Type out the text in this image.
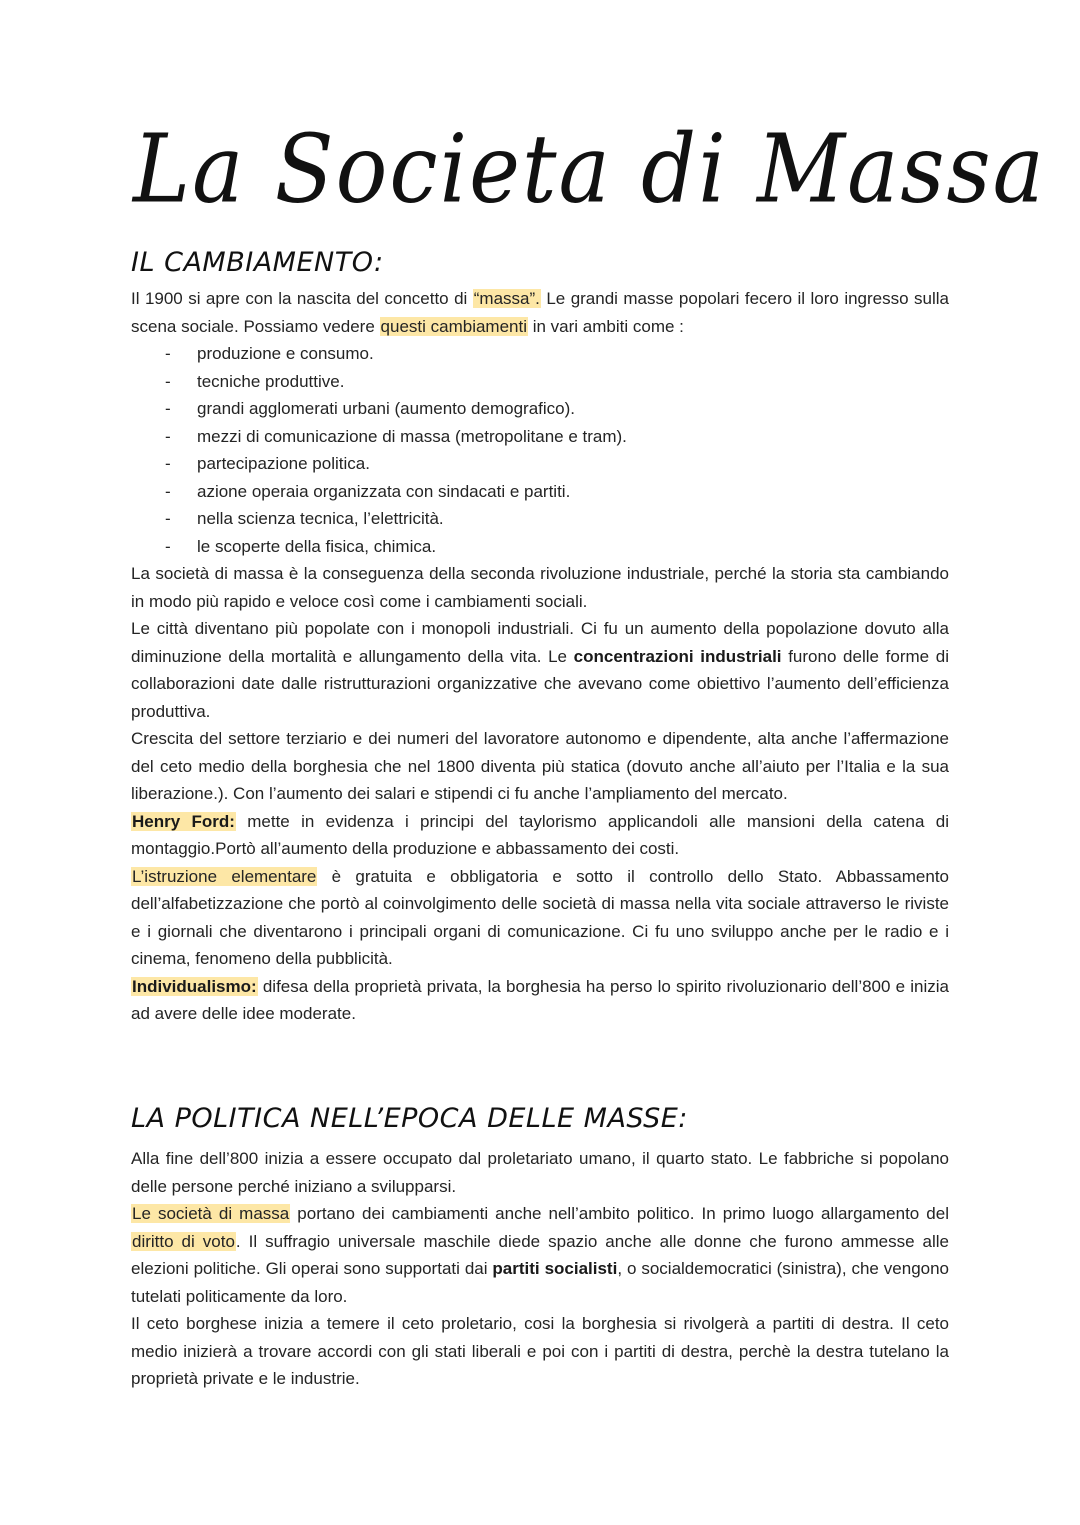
La Societa di Massa
IL CAMBIAMENTO:

Il 1900 si apre con la nascita del concetto di “massa”. Le grandi masse popolari fecero il loro ingresso sulla scena sociale. Possiamo vedere questi cambiamenti in vari ambiti come :

- produzione e consumo.
- tecniche produttive.
- grandi agglomerati urbani (aumento demografico).
- mezzi di comunicazione di massa (metropolitane e tram).
- partecipazione politica.
- azione operaia organizzata con sindacati e partiti.
- nella scienza tecnica, l’elettricità.
- le scoperte della fisica, chimica.

La società di massa è la conseguenza della seconda rivoluzione industriale, perché la storia sta cambiando in modo più rapido e veloce così come i cambiamenti sociali.

Le città diventano più popolate con i monopoli industriali. Ci fu un aumento della popolazione dovuto alla diminuzione della mortalità e allungamento della vita. Le concentrazioni industriali furono delle forme di collaborazioni date dalle ristrutturazioni organizzative che avevano come obiettivo l’aumento dell’efficienza produttiva.

Crescita del settore terziario e dei numeri del lavoratore autonomo e dipendente, alta anche l’affermazione del ceto medio della borghesia che nel 1800 diventa più statica (dovuto anche all’aiuto per l’Italia e la sua liberazione.). Con l’aumento dei salari e stipendi ci fu anche l’ampliamento del mercato.

Henry Ford: mette in evidenza i principi del taylorismo applicandoli alle mansioni della catena di montaggio.Portò all’aumento della produzione e abbassamento dei costi.

L’istruzione elementare è gratuita e obbligatoria e sotto il controllo dello Stato. Abbassamento dell’alfabetizzazione che portò al coinvolgimento delle società di massa nella vita sociale attraverso le riviste e i giornali che diventarono i principali organi di comunicazione. Ci fu uno sviluppo anche per le radio e i cinema, fenomeno della pubblicità.

Individualismo: difesa della proprietà privata, la borghesia ha perso lo spirito rivoluzionario dell’800 e inizia ad avere delle idee moderate.

LA POLITICA NELL’EPOCA DELLE MASSE:

Alla fine dell’800 inizia a essere occupato dal proletariato umano, il quarto stato. Le fabbriche si popolano delle persone perché iniziano a svilupparsi.

Le società di massa portano dei cambiamenti anche nell’ambito politico. In primo luogo allargamento del diritto di voto. Il suffragio universale maschile diede spazio anche alle donne che furono ammesse alle elezioni politiche. Gli operai sono supportati dai partiti socialisti, o socialdemocratici (sinistra), che vengono tutelati politicamente da loro.

Il ceto borghese inizia a temere il ceto proletario, cosi la borghesia si rivolgerà a partiti di destra. Il ceto medio inizierà a trovare accordi con gli stati liberali e poi con i partiti di destra, perchè la destra tutelano la proprietà private e le industrie.
